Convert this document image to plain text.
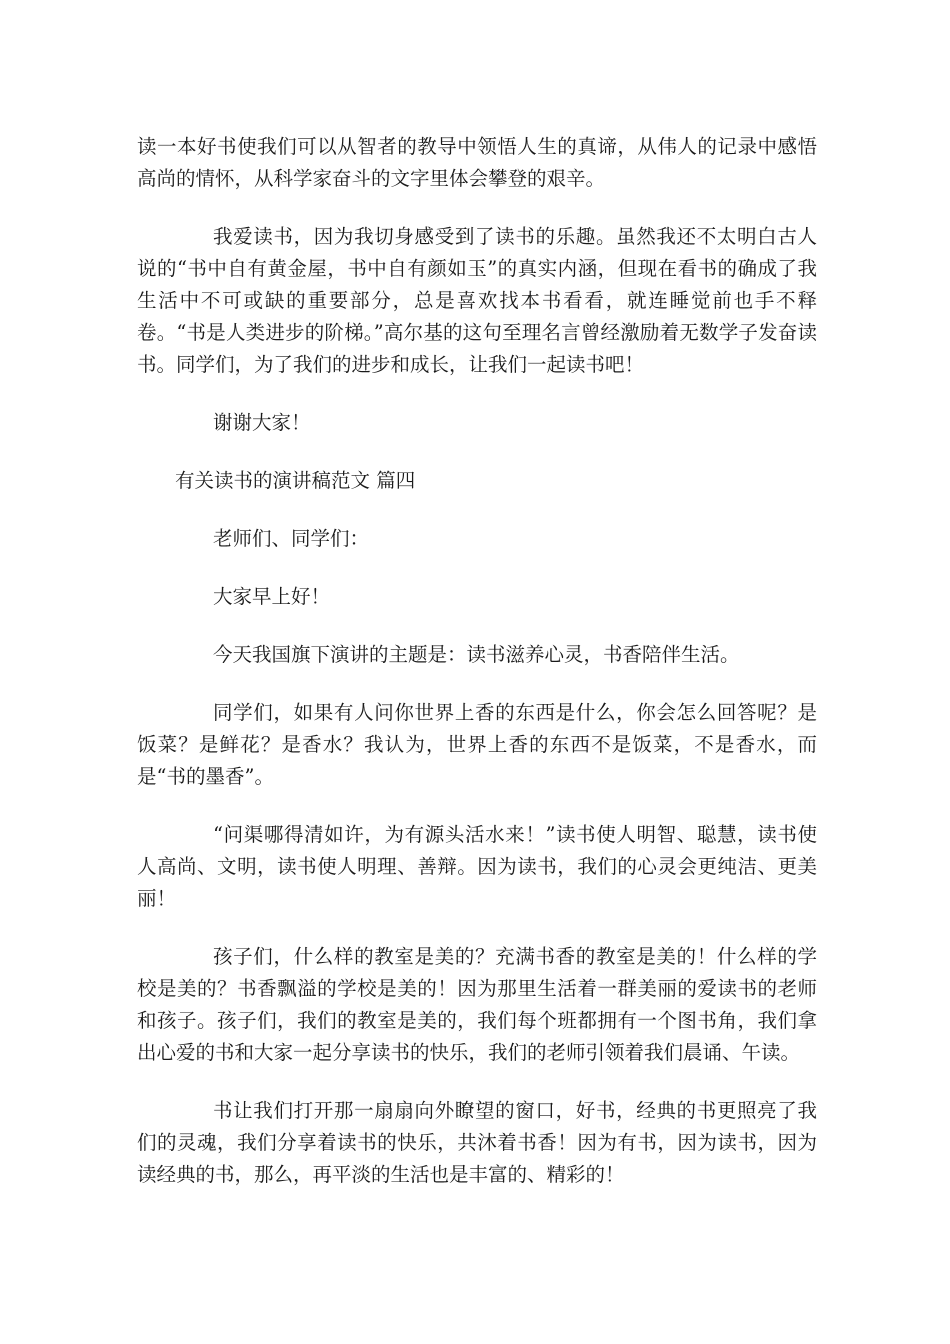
读一本好书使我们可以从智者的教导中领悟人生的真谛，从伟人的记录中感悟高尚的情怀，从科学家奋斗的文字里体会攀登的艰辛。

我爱读书，因为我切身感受到了读书的乐趣。虽然我还不太明白古人说的“书中自有黄金屋，书中自有颜如玉”的真实内涵，但现在看书的确成了我生活中不可或缺的重要部分，总是喜欢找本书看看，就连睡觉前也手不释卷。“书是人类进步的阶梯。”高尔基的这句至理名言曾经激励着无数学子发奋读书。同学们，为了我们的进步和成长，让我们一起读书吧！

谢谢大家！

有关读书的演讲稿范文 篇四

老师们、同学们：

大家早上好！

今天我国旗下演讲的主题是：读书滋养心灵，书香陪伴生活。

同学们，如果有人问你世界上香的东西是什么，你会怎么回答呢？是饭菜？是鲜花？是香水？我认为，世界上香的东西不是饭菜，不是香水，而是“书的墨香”。

“问渠哪得清如许，为有源头活水来！”读书使人明智、聪慧，读书使人高尚、文明，读书使人明理、善辩。因为读书，我们的心灵会更纯洁、更美丽！

孩子们，什么样的教室是美的？充满书香的教室是美的！什么样的学校是美的？书香飘溢的学校是美的！因为那里生活着一群美丽的爱读书的老师和孩子。孩子们，我们的教室是美的，我们每个班都拥有一个图书角，我们拿出心爱的书和大家一起分享读书的快乐，我们的老师引领着我们晨诵、午读。

书让我们打开那一扇扇向外瞭望的窗口，好书，经典的书更照亮了我们的灵魂，我们分享着读书的快乐，共沐着书香！因为有书，因为读书，因为读经典的书，那么，再平淡的生活也是丰富的、精彩的！
